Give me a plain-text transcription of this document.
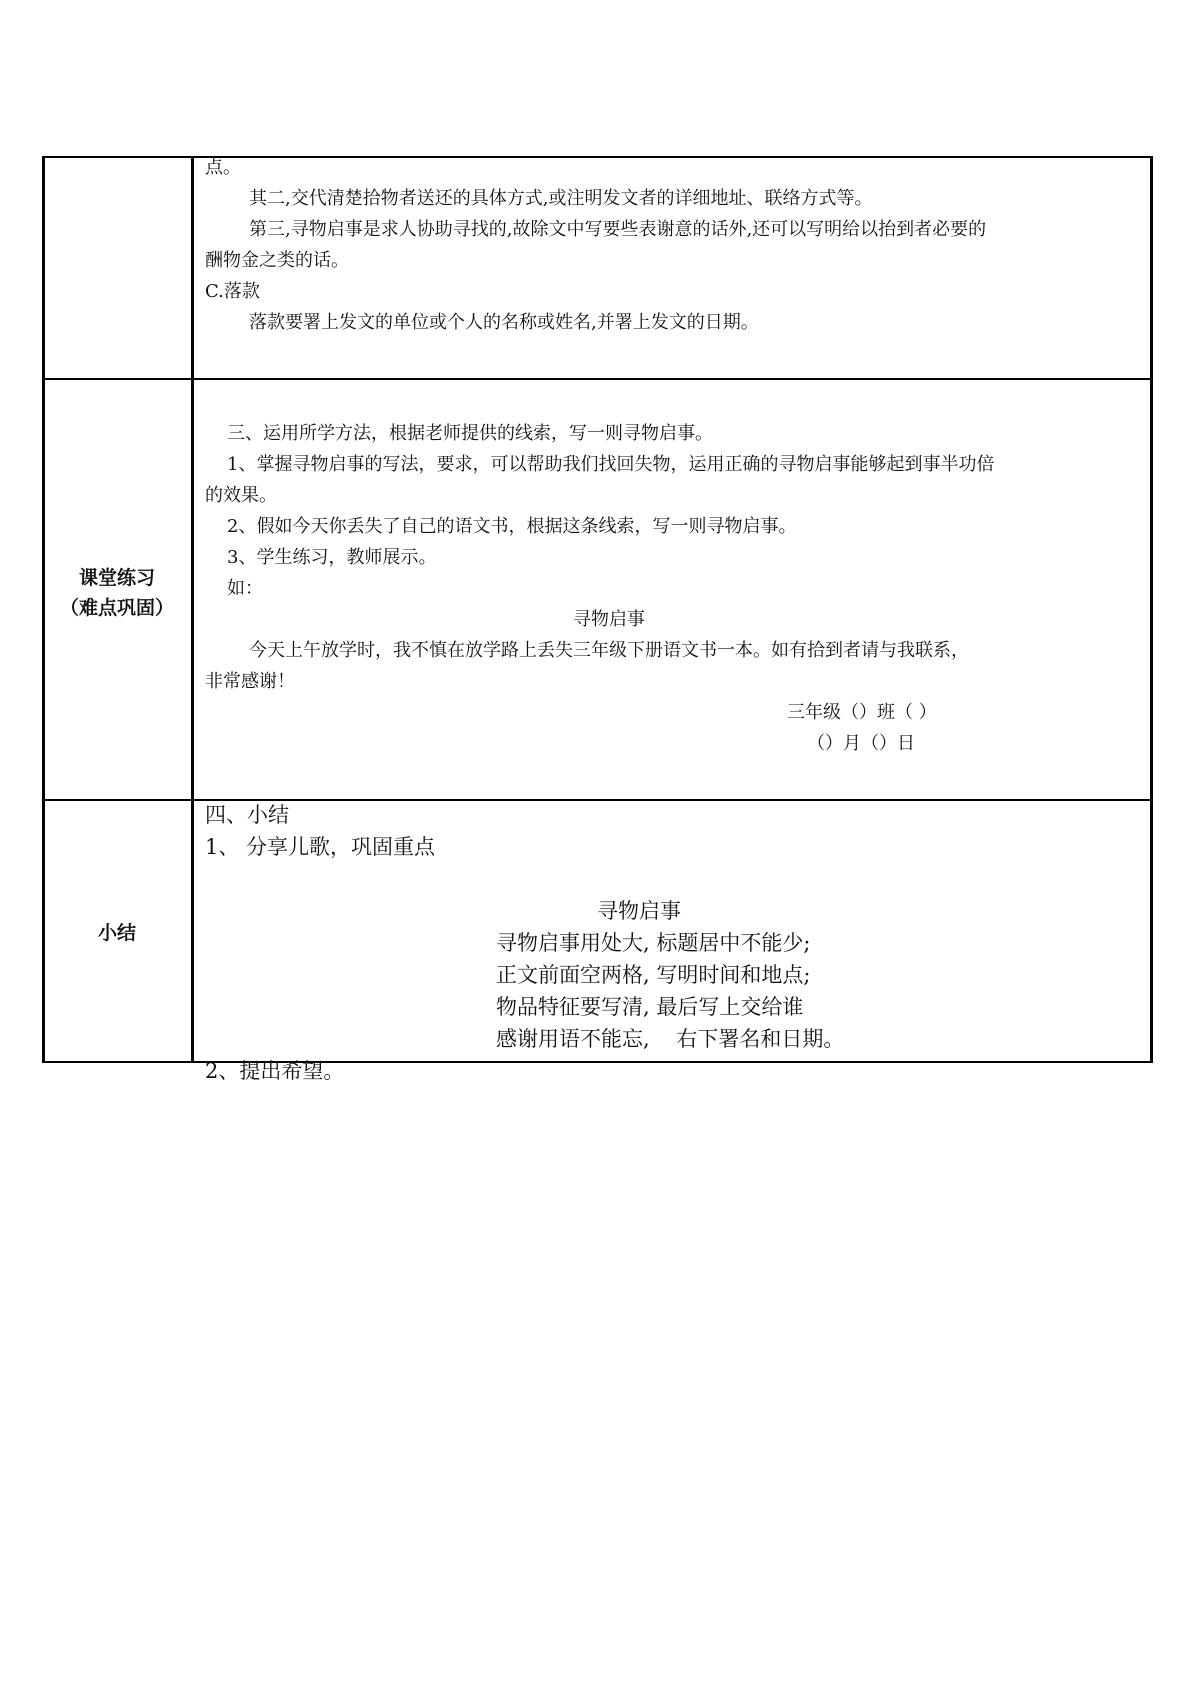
点。

其二,交代清楚拾物者送还的具体方式,或注明发文者的详细地址、联络方式等。

第三,寻物启事是求人协助寻找的,故除文中写要些表谢意的话外,还可以写明给以抬到者必要的

酬物金之类的话。

C.落款

落款要署上发文的单位或个人的名称或姓名,并署上发文的日期。

课堂练习
（难点巩固）

三、运用所学方法，根据老师提供的线索，写一则寻物启事。

1、掌握寻物启事的写法，要求，可以帮助我们找回失物，运用正确的寻物启事能够起到事半功倍

的效果。

2、假如今天你丢失了自己的语文书，根据这条线索，写一则寻物启事。

3、学生练习，教师展示。

如：

寻物启事

今天上午放学时，我不慎在放学路上丢失三年级下册语文书一本。如有拾到者请与我联系，

非常感谢！

三年级（）班（ ）

（）月（）日

小结

四、小结

1、 分享儿歌，巩固重点

寻物启事

寻物启事用处大, 标题居中不能少;

正文前面空两格, 写明时间和地点;

物品特征要写清, 最后写上交给谁

感谢用语不能忘,    右下署名和日期。

2、提出希望。
